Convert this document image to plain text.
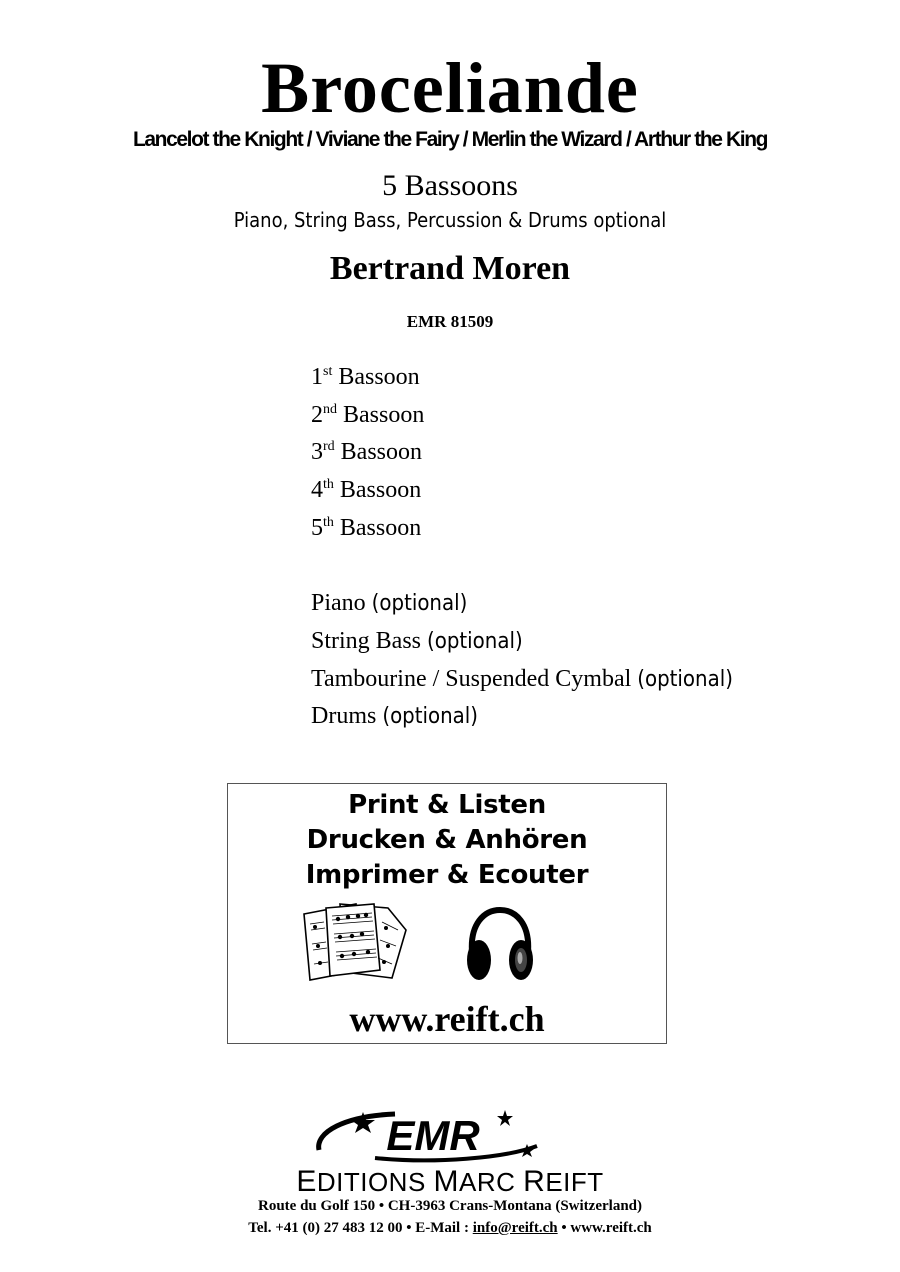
Broceliande
Lancelot the Knight / Viviane the Fairy / Merlin the Wizard / Arthur the King
5 Bassoons
Piano, String Bass, Percussion & Drums optional
Bertrand Moren
EMR 81509
1st Bassoon
2nd Bassoon
3rd Bassoon
4th Bassoon
5th Bassoon
Piano (optional)
String Bass (optional)
Tambourine / Suspended Cymbal (optional)
Drums (optional)
Print & Listen
Drucken & Anhören
Imprimer & Ecouter
www.reift.ch
EMR
EDITIONS MARC REIFT
Route du Golf 150 • CH-3963 Crans-Montana (Switzerland)
Tel. +41 (0) 27 483 12 00 • E-Mail : info@reift.ch • www.reift.ch
